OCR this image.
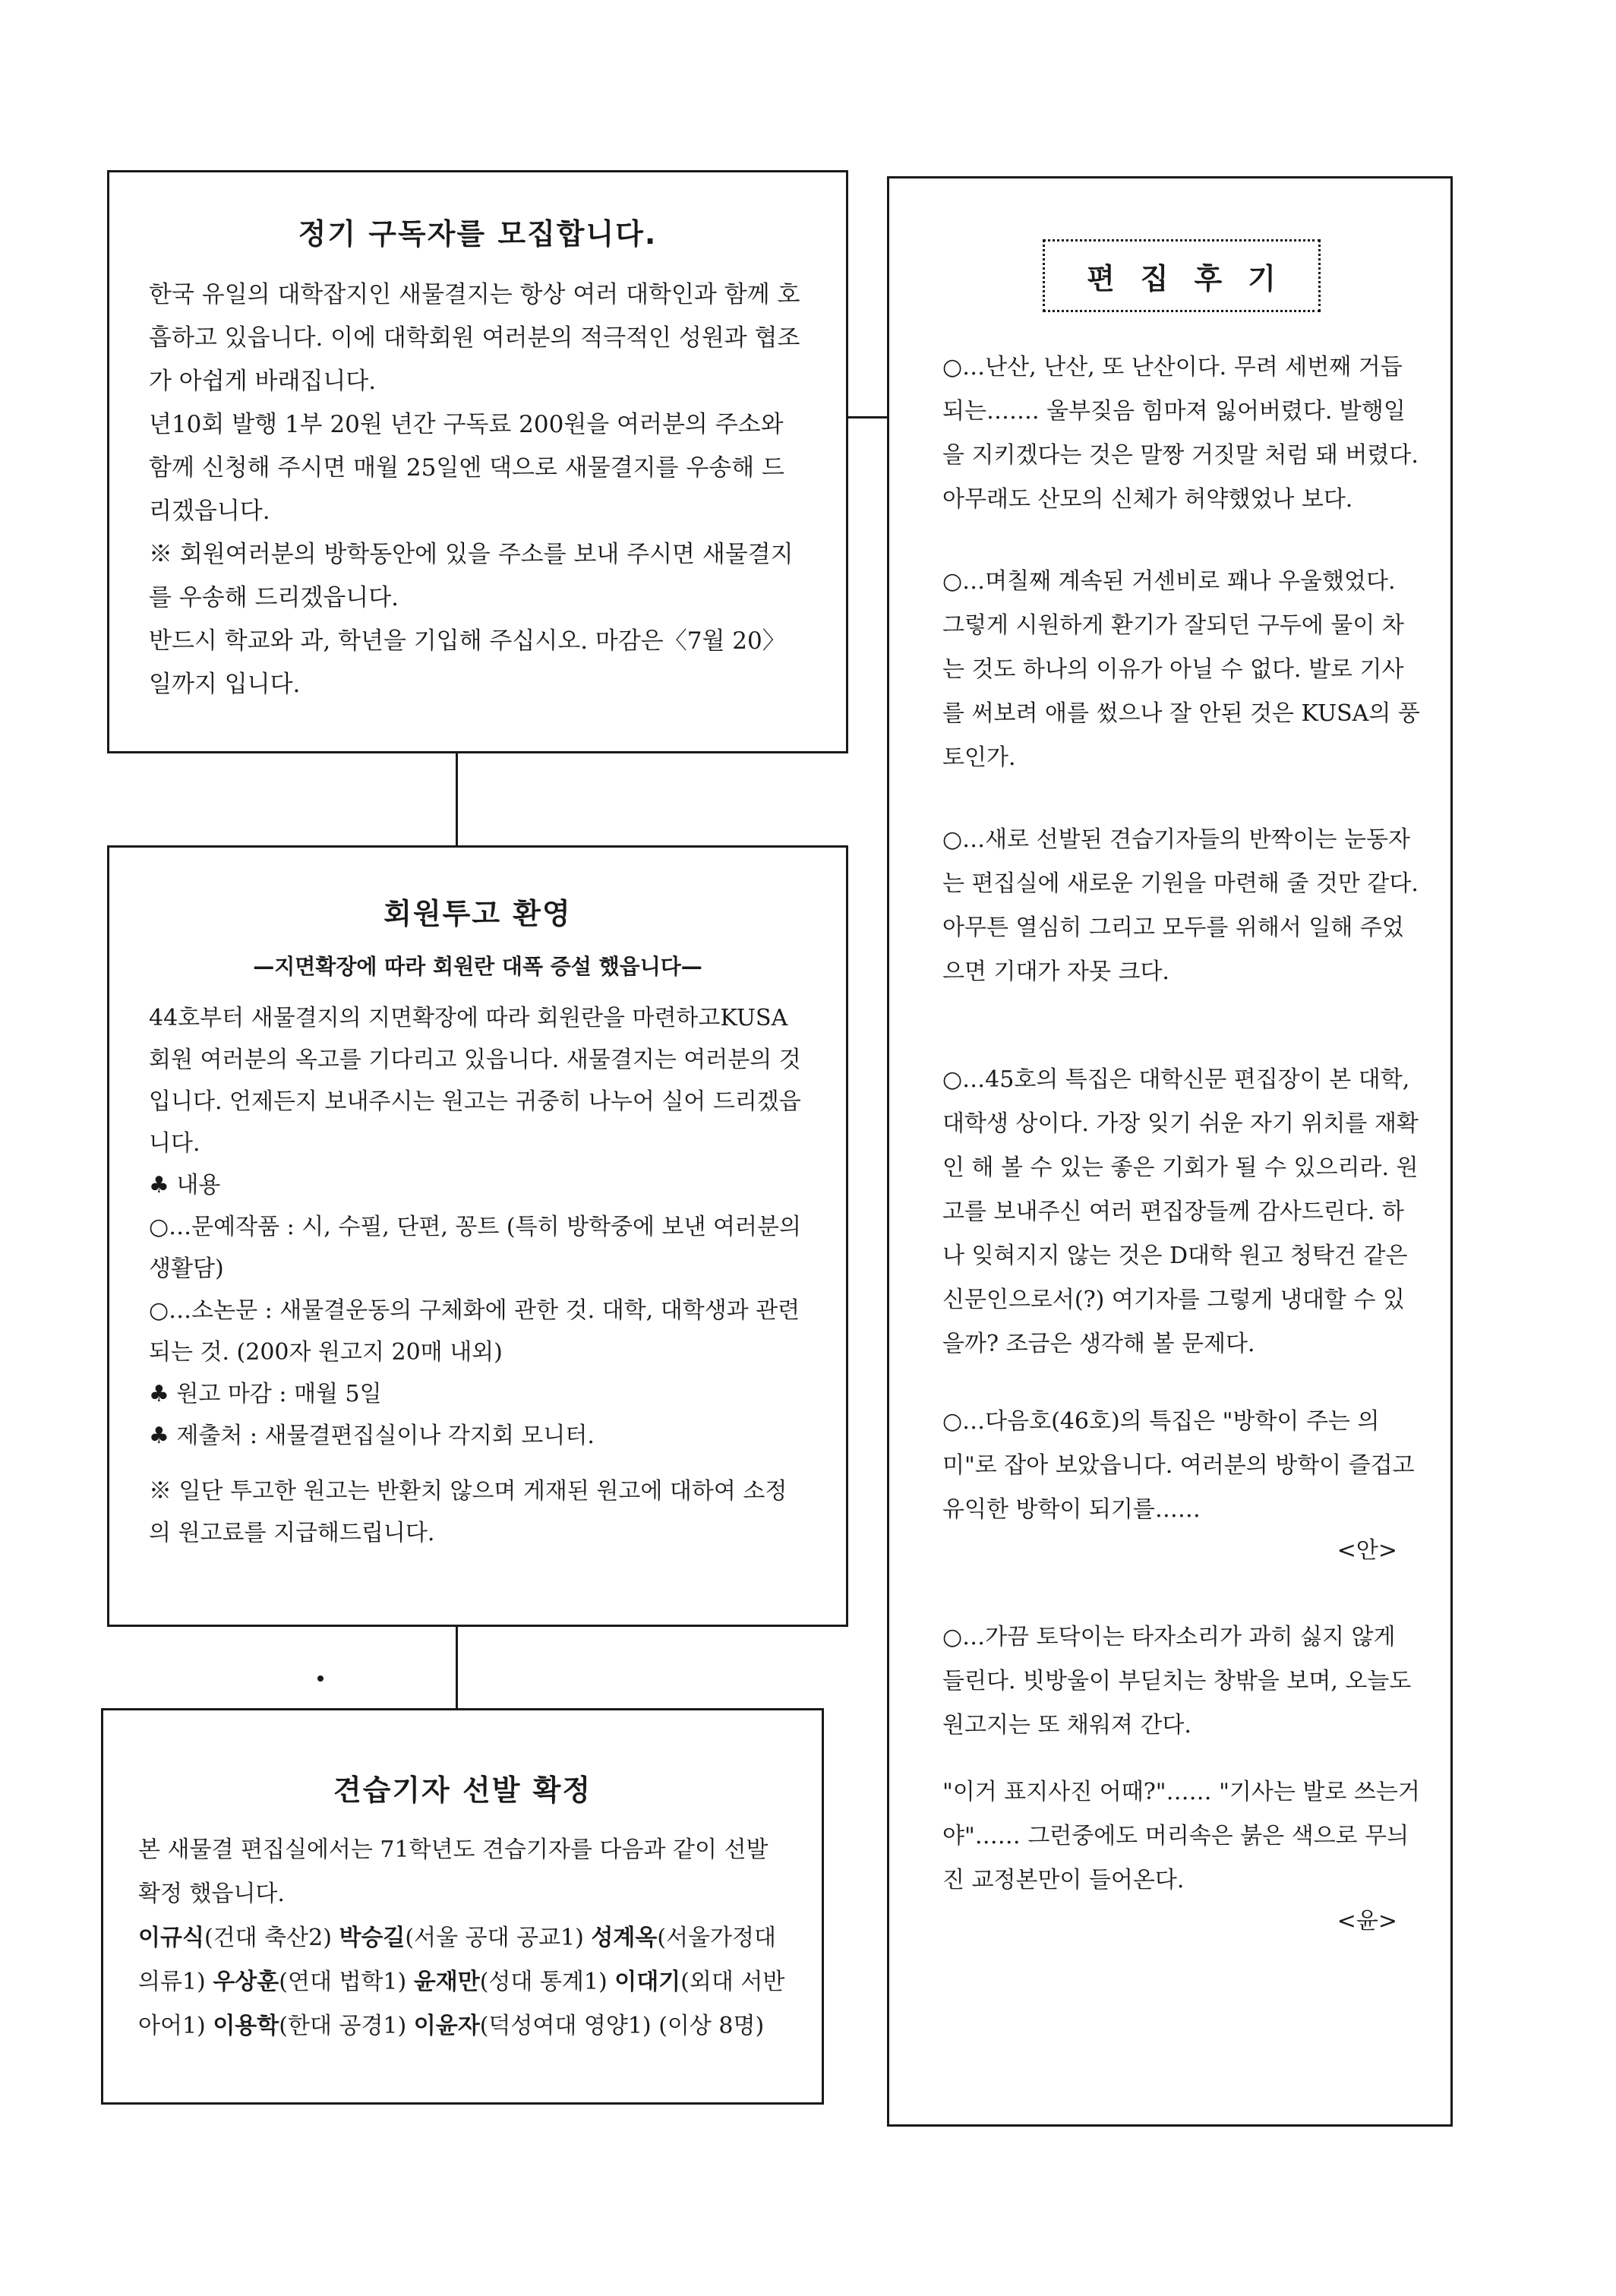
정기 구독자를 모집합니다.

한국 유일의 대학잡지인 새물결지는 항상 여러 대학인과 함께 호흡하고 있읍니다. 이에 대학회원 여러분의 적극적인 성원과 협조가 아쉽게 바래집니다.

년10회 발행 1부 20원 년간 구독료 200원을 여러분의 주소와 함께 신청해 주시면 매월 25일엔 댁으로 새물결지를 우송해 드리겠읍니다.

※ 회원여러분의 방학동안에 있을 주소를 보내 주시면 새물결지를 우송해 드리겠읍니다.

반드시 학교와 과, 학년을 기입해 주십시오. 마감은〈7월 20〉일까지 입니다.

회원투고 환영

—지면확장에 따라 회원란 대폭 증설 했읍니다—

44호부터 새물결지의 지면확장에 따라 회원란을 마련하고KUSA 회원 여러분의 옥고를 기다리고 있읍니다. 새물결지는 여러분의 것입니다. 언제든지 보내주시는 원고는 귀중히 나누어 실어 드리겠읍니다.

♣ 내용

○…문예작품 : 시, 수필, 단편, 꽁트 (특히 방학중에 보낸 여러분의 생활담)

○…소논문 : 새물결운동의 구체화에 관한 것. 대학, 대학생과 관련되는 것. (200자 원고지 20매 내외)

♣ 원고 마감 : 매월 5일

♣ 제출처 : 새물결편집실이나 각지회 모니터.

※ 일단 투고한 원고는 반환치 않으며 게재된 원고에 대하여 소정의 원고료를 지급해드립니다.

견습기자 선발 확정

본 새물결 편집실에서는 71학년도 견습기자를 다음과 같이 선발 확정 했읍니다.

이규식(건대 축산2) 박승길(서울 공대 공교1) 성계옥(서울가정대 의류1) 우상훈(연대 법학1) 윤재만(성대 통계1) 이대기(외대 서반아어1) 이용학(한대 공경1) 이윤자(덕성여대 영양1) (이상 8명)

편집후기

○…난산, 난산, 또 난산이다. 무려 세번째 거듭되는……. 울부짖음 힘마져 잃어버렸다. 발행일을 지키겠다는 것은 말짱 거짓말 처럼 돼 버렸다. 아무래도 산모의 신체가 허약했었나 보다.

○…며칠째 계속된 거센비로 꽤나 우울했었다. 그렇게 시원하게 환기가 잘되던 구두에 물이 차는 것도 하나의 이유가 아닐 수 없다. 발로 기사를 써보려 애를 썼으나 잘 안된 것은 KUSA의 풍토인가.

○…새로 선발된 견습기자들의 반짝이는 눈동자는 편집실에 새로운 기원을 마련해 줄 것만 같다. 아무튼 열심히 그리고 모두를 위해서 일해 주었으면 기대가 자못 크다.

○…45호의 특집은 대학신문 편집장이 본 대학, 대학생 상이다. 가장 잊기 쉬운 자기 위치를 재확인 해 볼 수 있는 좋은 기회가 될 수 있으리라. 원고를 보내주신 여러 편집장들께 감사드린다. 하나 잊혀지지 않는 것은 D대학 원고 청탁건 같은 신문인으로서(?) 여기자를 그렇게 냉대할 수 있을까? 조금은 생각해 볼 문제다.

○…다음호(46호)의 특집은 "방학이 주는 의미"로 잡아 보았읍니다. 여러분의 방학이 즐겁고 유익한 방학이 되기를……

<안>

○…가끔 토닥이는 타자소리가 과히 싫지 않게 들린다. 빗방울이 부딛치는 창밖을 보며, 오늘도 원고지는 또 채워져 간다.

"이거 표지사진 어때?"…… "기사는 발로 쓰는거야"…… 그런중에도 머리속은 붉은 색으로 무늬진 교정본만이 들어온다.

<윤>
